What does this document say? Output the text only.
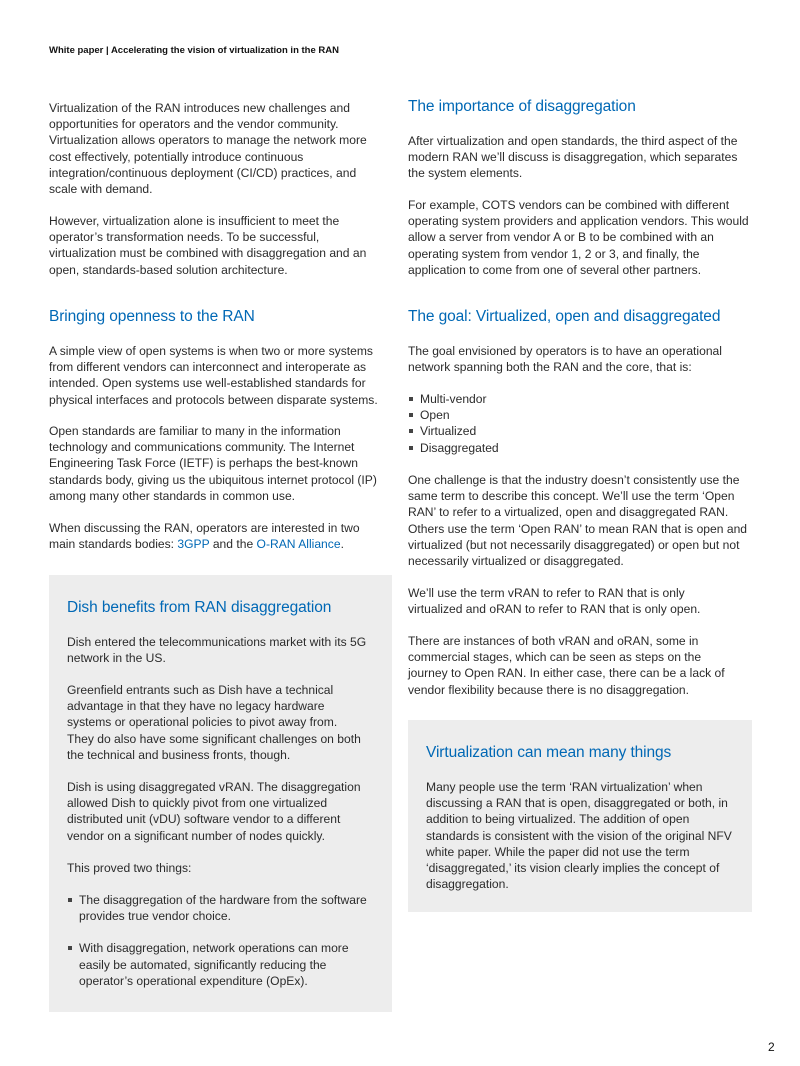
White paper | Accelerating the vision of virtualization in the RAN

Virtualization of the RAN introduces new challenges and opportunities for operators and the vendor community. Virtualization allows operators to manage the network more cost effectively, potentially introduce continuous integration/continuous deployment (CI/CD) practices, and scale with demand.

However, virtualization alone is insufficient to meet the operator’s transformation needs. To be successful, virtualization must be combined with disaggregation and an open, standards-based solution architecture.

Bringing openness to the RAN

A simple view of open systems is when two or more systems from different vendors can interconnect and interoperate as intended. Open systems use well-established standards for physical interfaces and protocols between disparate systems.

Open standards are familiar to many in the information technology and communications community. The Internet Engineering Task Force (IETF) is perhaps the best-known standards body, giving us the ubiquitous internet protocol (IP) among many other standards in common use.

When discussing the RAN, operators are interested in two main standards bodies: 3GPP and the O-RAN Alliance.

Dish benefits from RAN disaggregation

Dish entered the telecommunications market with its 5G network in the US.

Greenfield entrants such as Dish have a technical advantage in that they have no legacy hardware systems or operational policies to pivot away from. They do also have some significant challenges on both the technical and business fronts, though.

Dish is using disaggregated vRAN. The disaggregation allowed Dish to quickly pivot from one virtualized distributed unit (vDU) software vendor to a different vendor on a significant number of nodes quickly.

This proved two things:

The disaggregation of the hardware from the software provides true vendor choice.
With disaggregation, network operations can more easily be automated, significantly reducing the operator’s operational expenditure (OpEx).
The importance of disaggregation

After virtualization and open standards, the third aspect of the modern RAN we’ll discuss is disaggregation, which separates the system elements.

For example, COTS vendors can be combined with different operating system providers and application vendors. This would allow a server from vendor A or B to be combined with an operating system from vendor 1, 2 or 3, and finally, the application to come from one of several other partners.

The goal: Virtualized, open and disaggregated

The goal envisioned by operators is to have an operational network spanning both the RAN and the core, that is:

Multi-vendor
Open
Virtualized
Disaggregated

One challenge is that the industry doesn’t consistently use the same term to describe this concept. We’ll use the term ‘Open RAN’ to refer to a virtualized, open and disaggregated RAN. Others use the term ‘Open RAN’ to mean RAN that is open and virtualized (but not necessarily disaggregated) or open but not necessarily virtualized or disaggregated.

We’ll use the term vRAN to refer to RAN that is only virtualized and oRAN to refer to RAN that is only open.

There are instances of both vRAN and oRAN, some in commercial stages, which can be seen as steps on the journey to Open RAN. In either case, there can be a lack of vendor flexibility because there is no disaggregation.

Virtualization can mean many things

Many people use the term ‘RAN virtualization’ when discussing a RAN that is open, disaggregated or both, in addition to being virtualized. The addition of open standards is consistent with the vision of the original NFV white paper. While the paper did not use the term ‘disaggregated,’ its vision clearly implies the concept of disaggregation.

2
